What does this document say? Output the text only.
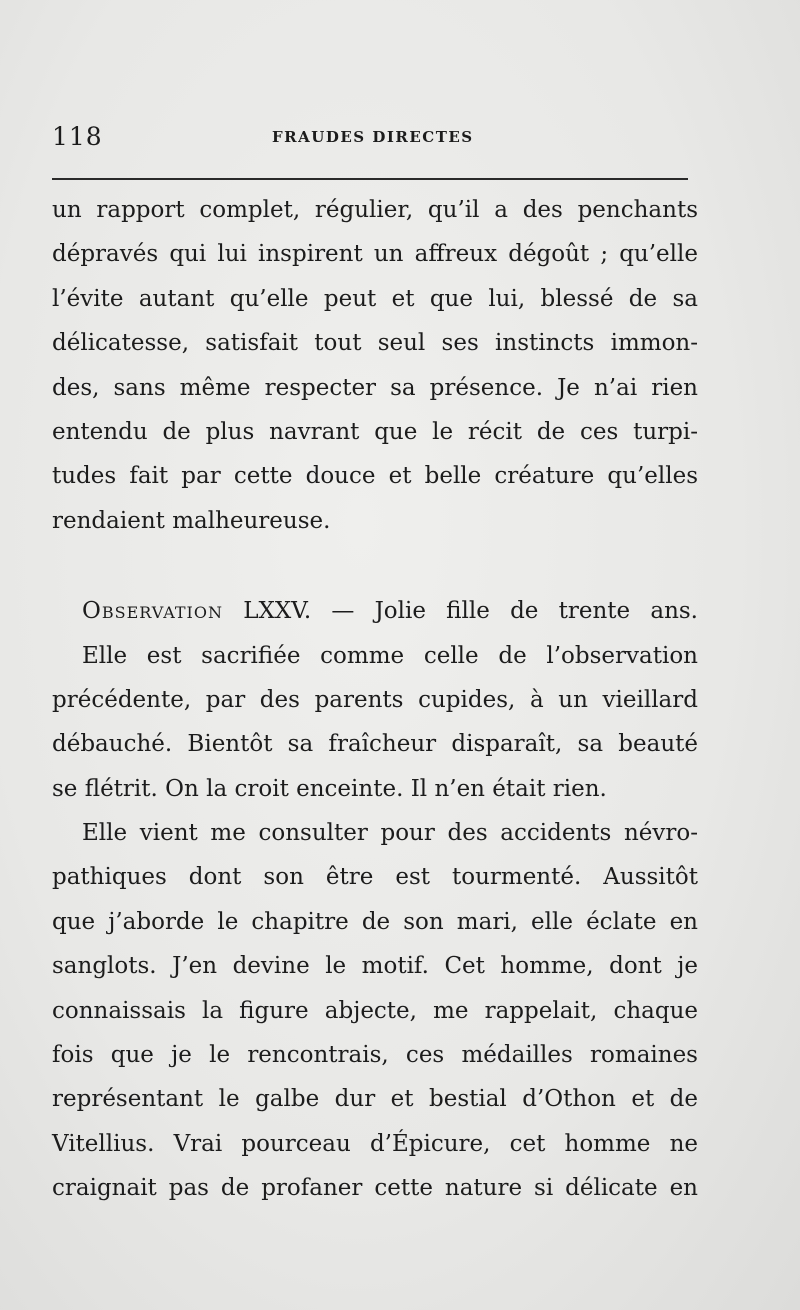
118	FRAUDES DIRECTES
un rapport complet, régulier, qu’il a des penchants
dépravés qui lui inspirent un affreux dégoût ; qu’elle
l’évite autant qu’elle peut et que lui, blessé de sa
délicatesse, satisfait tout seul ses instincts immon-
des, sans même respecter sa présence. Je n’ai rien
entendu de plus navrant que le récit de ces turpi-
tudes fait par cette douce et belle créature qu’elles
rendaient malheureuse.
Observation LXXV. — Jolie fille de trente ans.
Elle est sacrifiée comme celle de l’observation
précédente, par des parents cupides, à un vieillard
débauché. Bientôt sa fraîcheur disparaît, sa beauté
se flétrit. On la croit enceinte. Il n’en était rien.
Elle vient me consulter pour des accidents névro-
pathiques dont son être est tourmenté. Aussitôt
que j’aborde le chapitre de son mari, elle éclate en
sanglots. J’en devine le motif. Cet homme, dont je
connaissais la figure abjecte, me rappelait, chaque
fois que je le rencontrais, ces médailles romaines
représentant le galbe dur et bestial d’Othon et de
Vitellius. Vrai pourceau d’Épicure, cet homme ne
craignait pas de profaner cette nature si délicate en
